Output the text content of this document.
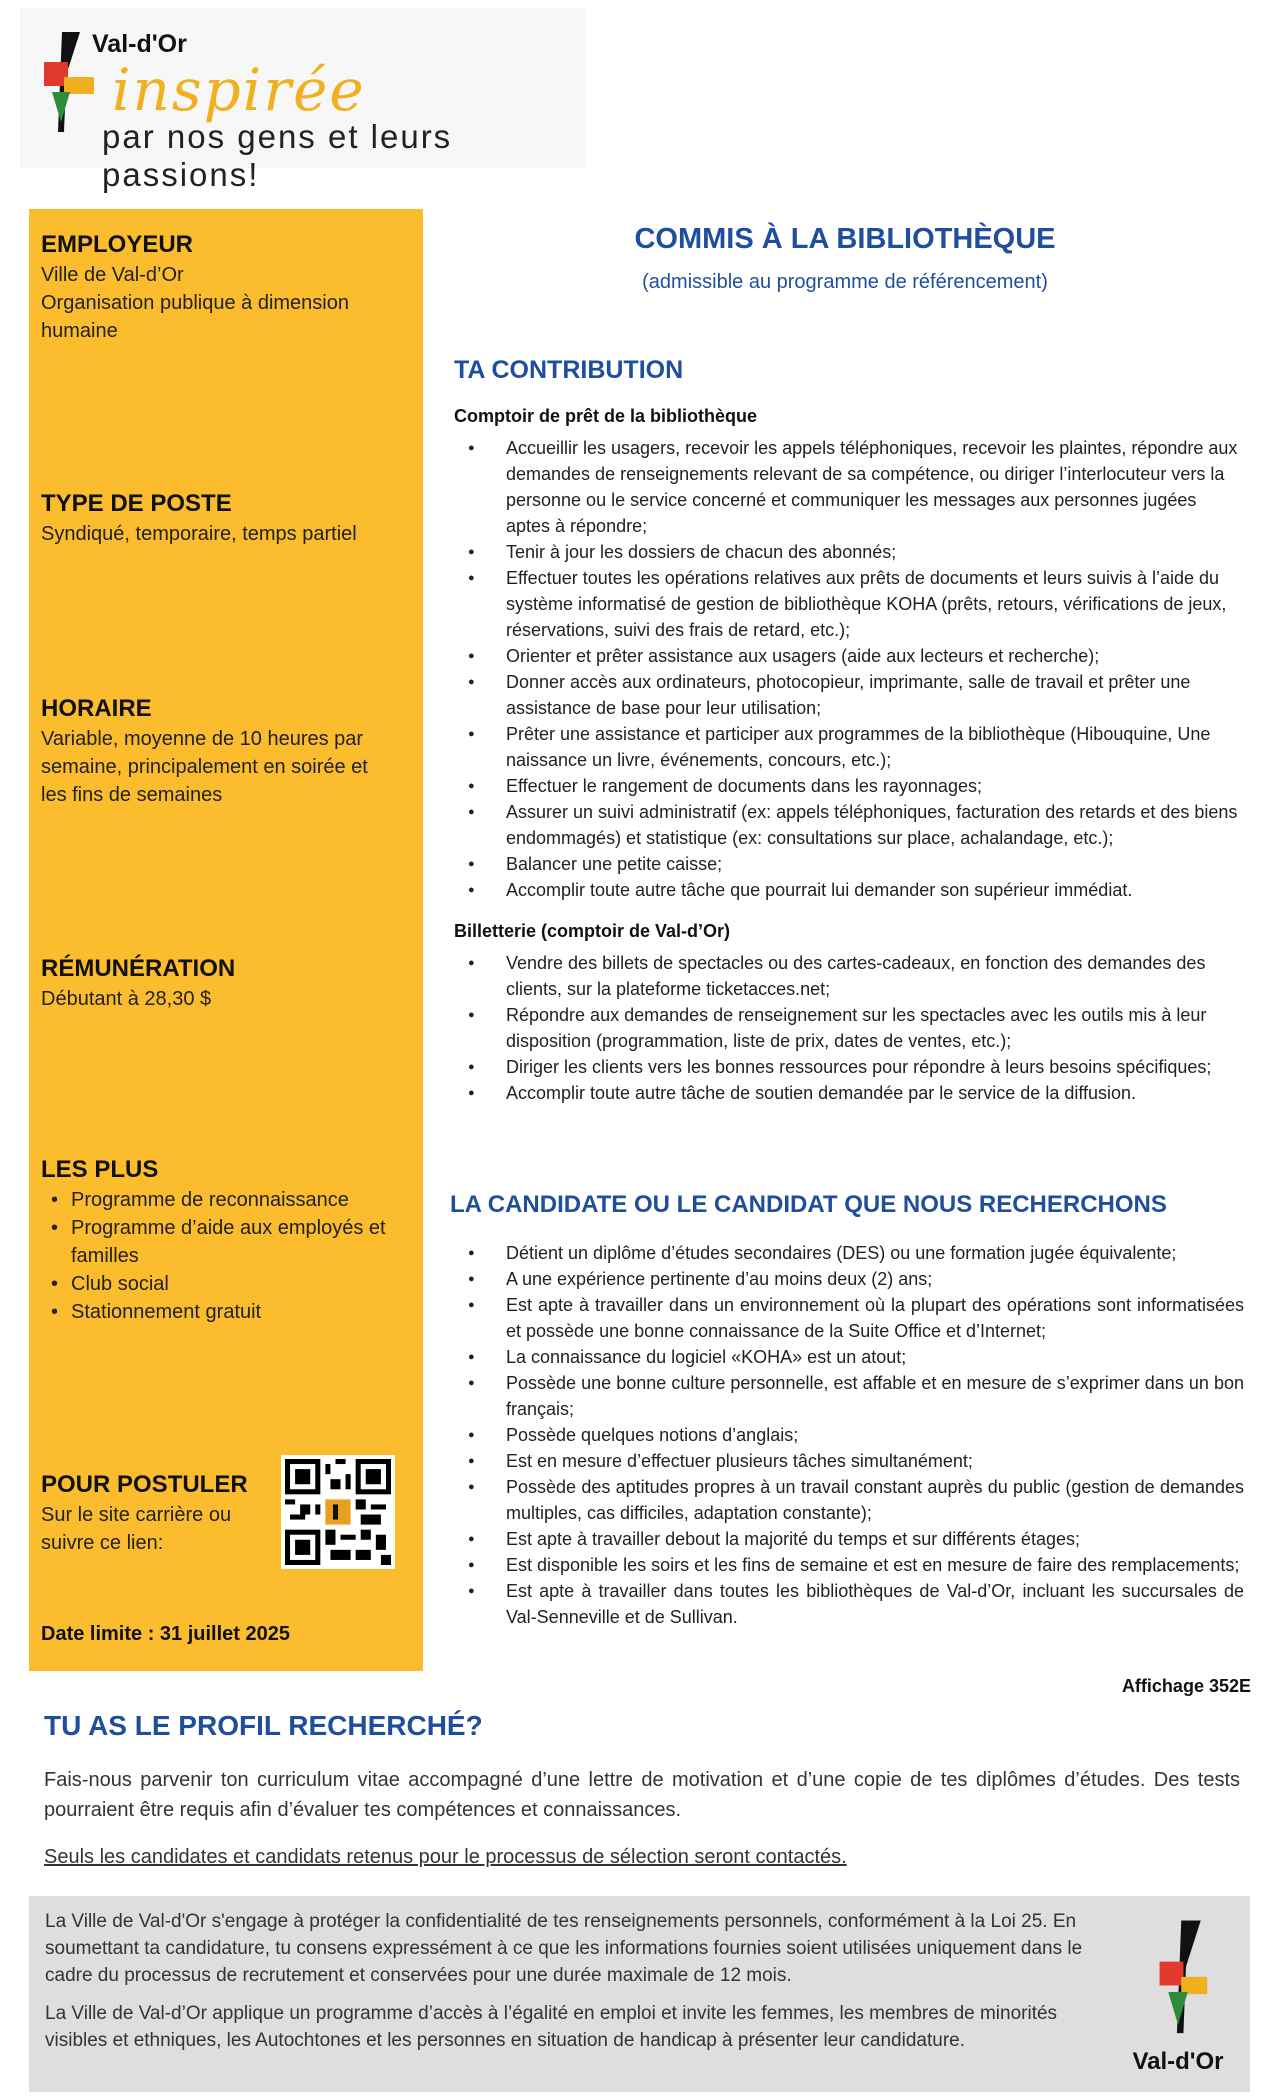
Val-d'Or
inspirée
par nos gens et leurs passions!
EMPLOYEUR
Ville de Val-d’Or
Organisation publique à dimension
humaine
TYPE DE POSTE
Syndiqué, temporaire, temps partiel
HORAIRE
Variable, moyenne de 10 heures par
semaine, principalement en soirée et
les fins de semaines
RÉMUNÉRATION
Débutant à 28,30 $
LES PLUS
• Programme de reconnaissance
• Programme d’aide aux employés et familles
• Club social
• Stationnement gratuit
POUR POSTULER
Sur le site carrière ou
suivre ce lien:
Date limite : 31 juillet 2025
COMMIS À LA BIBLIOTHÈQUE
(admissible au programme de référencement)
TA CONTRIBUTION
Comptoir de prêt de la bibliothèque
● Accueillir les usagers, recevoir les appels téléphoniques, recevoir les plaintes, répondre aux demandes de renseignements relevant de sa compétence, ou diriger l’interlocuteur vers la personne ou le service concerné et communiquer les messages aux personnes jugées aptes à répondre;
● Tenir à jour les dossiers de chacun des abonnés;
● Effectuer toutes les opérations relatives aux prêts de documents et leurs suivis à l’aide du système informatisé de gestion de bibliothèque KOHA (prêts, retours, vérifications de jeux, réservations, suivi des frais de retard, etc.);
● Orienter et prêter assistance aux usagers (aide aux lecteurs et recherche);
● Donner accès aux ordinateurs, photocopieur, imprimante, salle de travail et prêter une assistance de base pour leur utilisation;
● Prêter une assistance et participer aux programmes de la bibliothèque (Hibouquine, Une naissance un livre, événements, concours, etc.);
● Effectuer le rangement de documents dans les rayonnages;
● Assurer un suivi administratif (ex: appels téléphoniques, facturation des retards et des biens endommagés) et statistique (ex: consultations sur place, achalandage, etc.);
● Balancer une petite caisse;
● Accomplir toute autre tâche que pourrait lui demander son supérieur immédiat.
Billetterie (comptoir de Val-d’Or)
● Vendre des billets de spectacles ou des cartes-cadeaux, en fonction des demandes des clients, sur la plateforme ticketacces.net;
● Répondre aux demandes de renseignement sur les spectacles avec les outils mis à leur disposition (programmation, liste de prix, dates de ventes, etc.);
● Diriger les clients vers les bonnes ressources pour répondre à leurs besoins spécifiques;
● Accomplir toute autre tâche de soutien demandée par le service de la diffusion.
LA CANDIDATE OU LE CANDIDAT QUE NOUS RECHERCHONS
● Détient un diplôme d’études secondaires (DES) ou une formation jugée équivalente;
● A une expérience pertinente d’au moins deux (2) ans;
● Est apte à travailler dans un environnement où la plupart des opérations sont informatisées et possède une bonne connaissance de la Suite Office et d’Internet;
● La connaissance du logiciel «KOHA» est un atout;
● Possède une bonne culture personnelle, est affable et en mesure de s’exprimer dans un bon français;
● Possède quelques notions d’anglais;
● Est en mesure d’effectuer plusieurs tâches simultanément;
● Possède des aptitudes propres à un travail constant auprès du public (gestion de demandes multiples, cas difficiles, adaptation constante);
● Est apte à travailler debout la majorité du temps et sur différents étages;
● Est disponible les soirs et les fins de semaine et est en mesure de faire des remplacements;
● Est apte à travailler dans toutes les bibliothèques de Val-d’Or, incluant les succursales de Val-Senneville et de Sullivan.
Affichage 352E
TU AS LE PROFIL RECHERCHÉ?
Fais-nous parvenir ton curriculum vitae accompagné d’une lettre de motivation et d’une copie de tes diplômes d’études. Des tests pourraient être requis afin d’évaluer tes compétences et connaissances.
Seuls les candidates et candidats retenus pour le processus de sélection seront contactés.
La Ville de Val-d'Or s'engage à protéger la confidentialité de tes renseignements personnels, conformément à la Loi 25. En soumettant ta candidature, tu consens expressément à ce que les informations fournies soient utilisées uniquement dans le cadre du processus de recrutement et conservées pour une durée maximale de 12 mois.
La Ville de Val-d’Or applique un programme d’accès à l’égalité en emploi et invite les femmes, les membres de minorités visibles et ethniques, les Autochtones et les personnes en situation de handicap à présenter leur candidature.
Val-d'Or
